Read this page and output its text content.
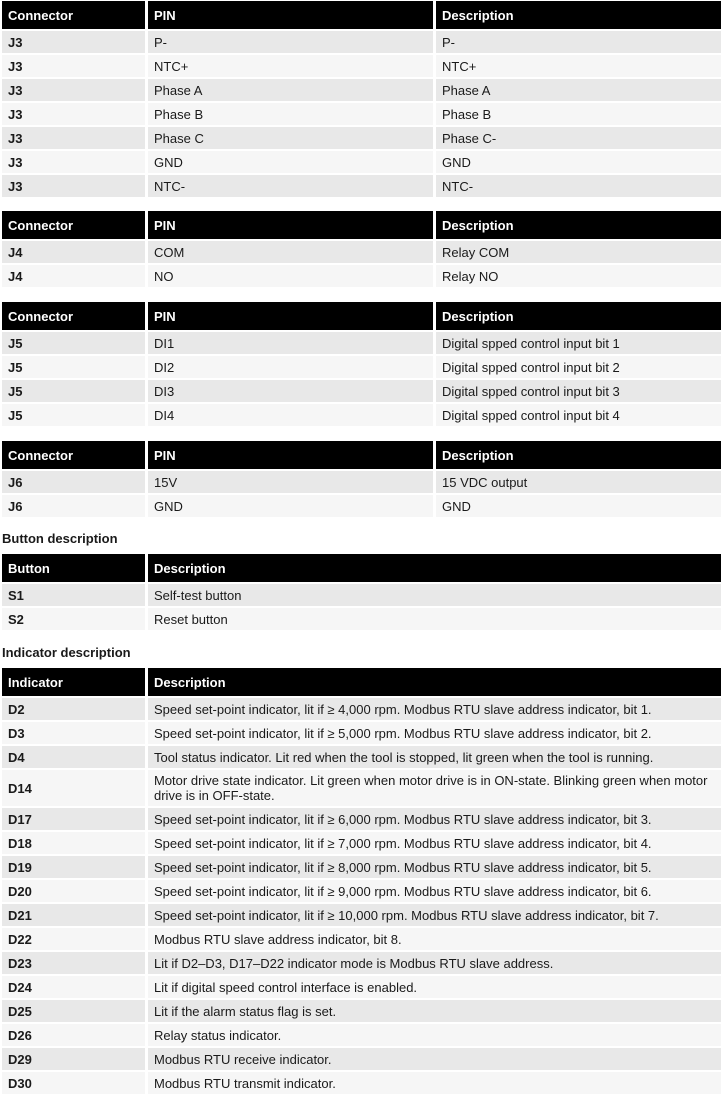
Connector	PIN	Description
J3	P-	P-
J3	NTC+	NTC+
J3	Phase A	Phase A
J3	Phase B	Phase B
J3	Phase C	Phase C-
J3	GND	GND
J3	NTC-	NTC-
Connector	PIN	Description
J4	COM	Relay COM
J4	NO	Relay NO
Connector	PIN	Description
J5	DI1	Digital spped control input bit 1
J5	DI2	Digital spped control input bit 2
J5	DI3	Digital spped control input bit 3
J5	DI4	Digital spped control input bit 4
Connector	PIN	Description
J6	15V	15 VDC output
J6	GND	GND
Button description
Button	Description
S1	Self-test button
S2	Reset button
Indicator description
Indicator	Description
D2	Speed set-point indicator, lit if ≥ 4,000 rpm. Modbus RTU slave address indicator, bit 1.
D3	Speed set-point indicator, lit if ≥ 5,000 rpm. Modbus RTU slave address indicator, bit 2.
D4	Tool status indicator. Lit red when the tool is stopped, lit green when the tool is running.
D14	Motor drive state indicator. Lit green when motor drive is in ON-state. Blinking green when motor drive is in OFF-state.
D17	Speed set-point indicator, lit if ≥ 6,000 rpm. Modbus RTU slave address indicator, bit 3.
D18	Speed set-point indicator, lit if ≥ 7,000 rpm. Modbus RTU slave address indicator, bit 4.
D19	Speed set-point indicator, lit if ≥ 8,000 rpm. Modbus RTU slave address indicator, bit 5.
D20	Speed set-point indicator, lit if ≥ 9,000 rpm. Modbus RTU slave address indicator, bit 6.
D21	Speed set-point indicator, lit if ≥ 10,000 rpm. Modbus RTU slave address indicator, bit 7.
D22	Modbus RTU slave address indicator, bit 8.
D23	Lit if D2–D3, D17–D22 indicator mode is Modbus RTU slave address.
D24	Lit if digital speed control interface is enabled.
D25	Lit if the alarm status flag is set.
D26	Relay status indicator.
D29	Modbus RTU receive indicator.
D30	Modbus RTU transmit indicator.
